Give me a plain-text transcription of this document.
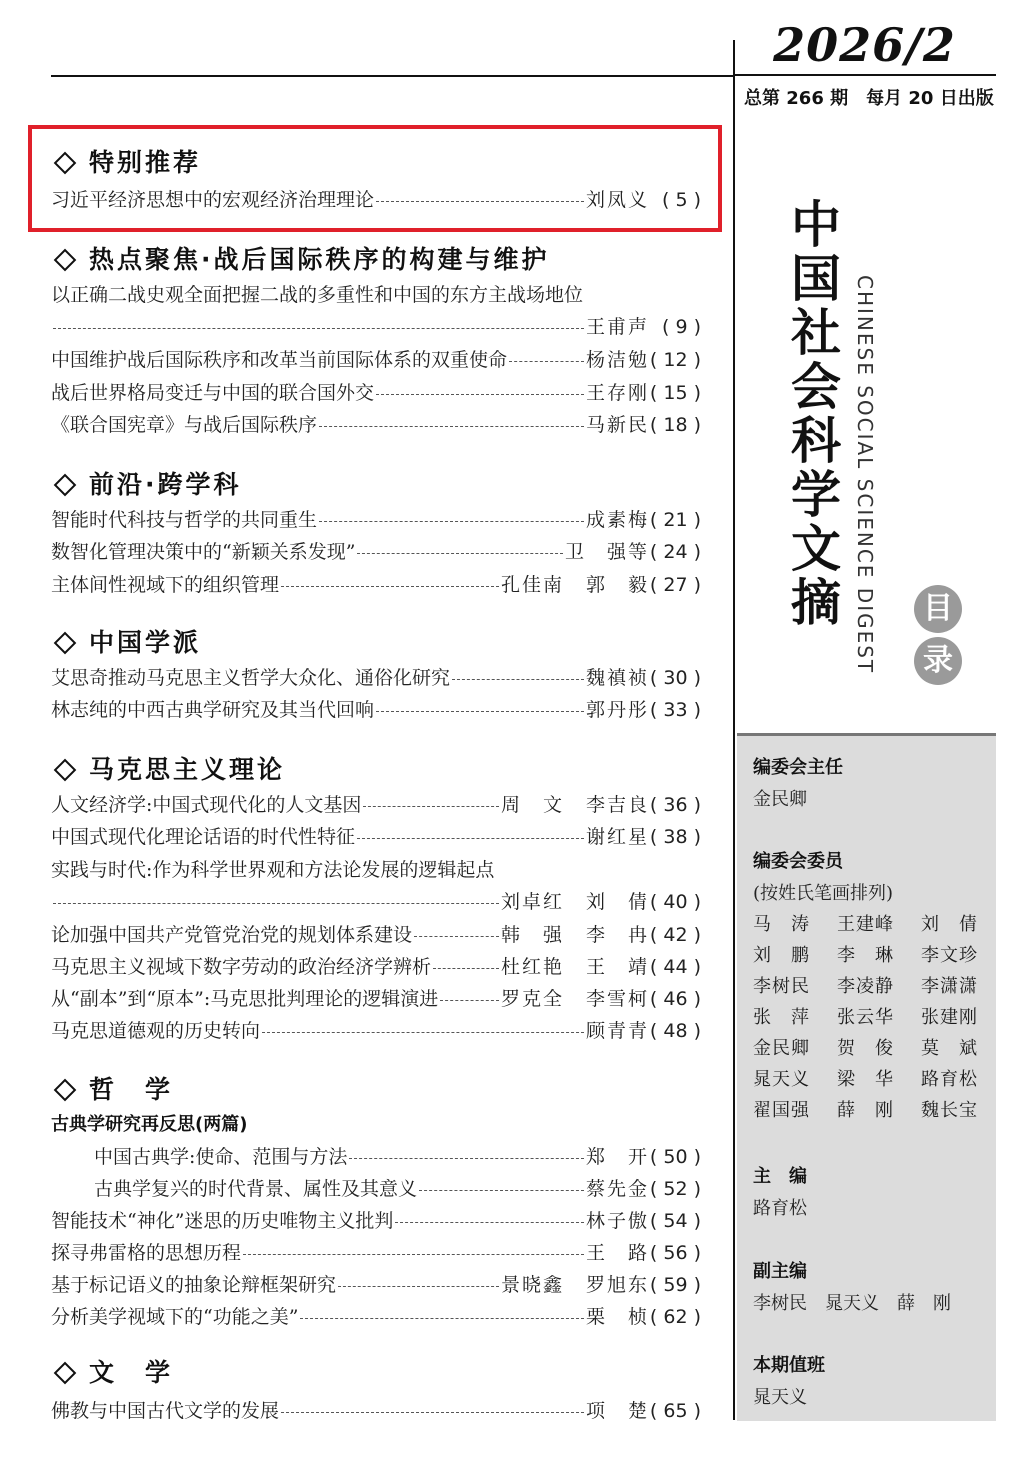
2026/2
总第 266 期 每月 20 日出版
中
国
社
会
科
学
文
摘 CHINESE SOCIAL SCIENCE DIGEST	目
录
编委会主任
金民卿
编委会委员
(按姓氏笔画排列)
马　涛	王建峰	刘　倩
刘　鹏	李　琳	李文珍
李树民	李凌静	李潇潇
张　萍	张云华	张建刚
金民卿	贺　俊	莫　斌
晁天义	梁　华	路育松
翟国强	薛　刚	魏长宝
主　编
路育松
副主编
李树民　晁天义　薛　刚
本期值班
晁天义
特别推荐
习近平经济思想中的宏观经济治理理论	刘凤义 ( 5 )
热点聚焦·战后国际秩序的构建与维护
以正确二战史观全面把握二战的多重性和中国的东方主战场地位
王甫声 ( 9 )
中国维护战后国际秩序和改革当前国际体系的双重使命	杨洁勉 ( 12 )
战后世界格局变迁与中国的联合国外交	王存刚 ( 15 )
《联合国宪章》与战后国际秩序	马新民 ( 18 )
前沿·跨学科
智能时代科技与哲学的共同重生	成素梅 ( 21 )
数智化管理决策中的“新颖关系发现”	卫　强等 ( 24 )
主体间性视域下的组织管理	孔佳南 郭　毅 ( 27 )
中国学派
艾思奇推动马克思主义哲学大众化、通俗化研究	魏禛祯 ( 30 )
林志纯的中西古典学研究及其当代回响	郭丹彤 ( 33 )
马克思主义理论
人文经济学:中国式现代化的人文基因	周　文 李吉良 ( 36 )
中国式现代化理论话语的时代性特征	谢红星 ( 38 )
实践与时代:作为科学世界观和方法论发展的逻辑起点
刘卓红 刘　倩 ( 40 )
论加强中国共产党管党治党的规划体系建设	韩　强 李　冉 ( 42 )
马克思主义视域下数字劳动的政治经济学辨析	杜红艳 王　靖 ( 44 )
从“副本”到“原本”:马克思批判理论的逻辑演进	罗克全 李雪柯 ( 46 )
马克思道德观的历史转向	顾青青 ( 48 )
哲　学
古典学研究再反思(两篇)
中国古典学:使命、范围与方法	郑　开 ( 50 )
古典学复兴的时代背景、属性及其意义	蔡先金 ( 52 )
智能技术“神化”迷思的历史唯物主义批判	林子傲 ( 54 )
探寻弗雷格的思想历程	王　路 ( 56 )
基于标记语义的抽象论辩框架研究	景晓鑫 罗旭东 ( 59 )
分析美学视域下的“功能之美”	栗　桢 ( 62 )
文　学
佛教与中国古代文学的发展	项　楚 ( 65 )
